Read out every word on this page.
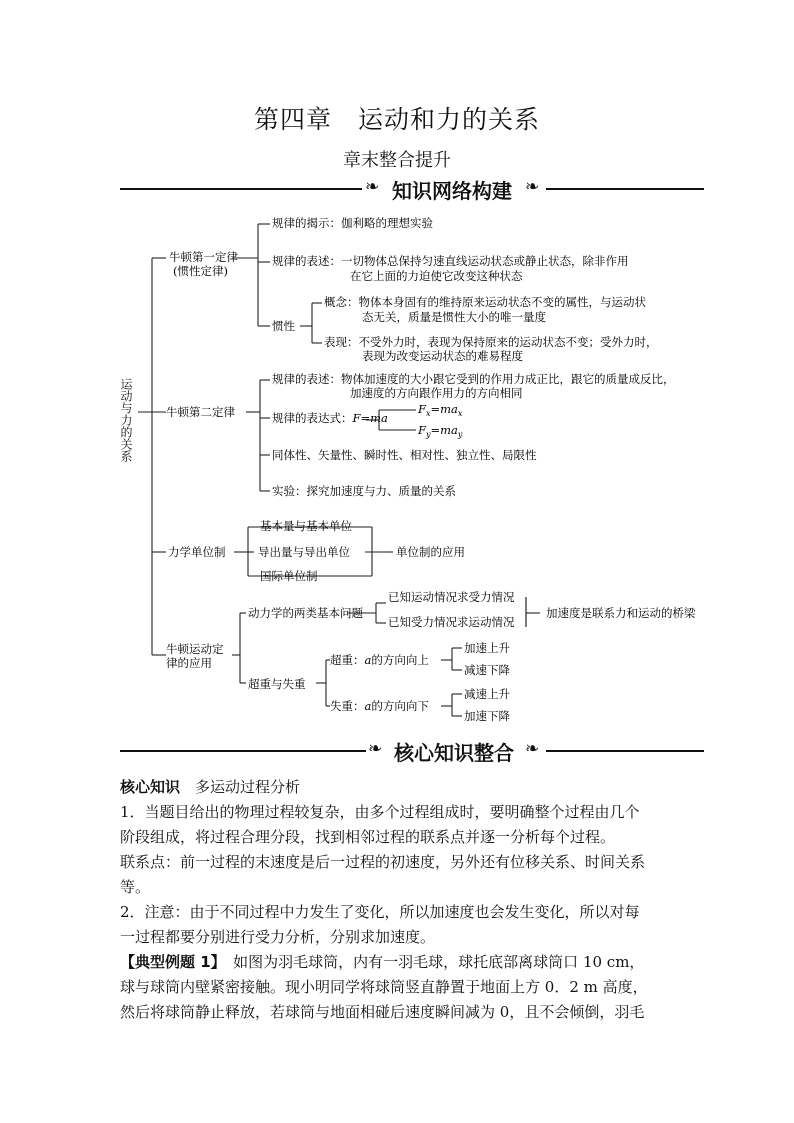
第四章　运动和力的关系
章末整合提升
❧ 知识网络构建 ❧
运动与力的关系
牛顿第一定律
(惯性定律)
规律的揭示：伽利略的理想实验
规律的表述：一切物体总保持匀速直线运动状态或静止状态，除非作用
在它上面的力迫使它改变这种状态
惯性
概念：物体本身固有的维持原来运动状态不变的属性，与运动状
态无关，质量是惯性大小的唯一量度
表现：不受外力时，表现为保持原来的运动状态不变；受外力时，
表现为改变运动状态的难易程度
牛顿第二定律
规律的表述：物体加速度的大小跟它受到的作用力成正比，跟它的质量成反比，
加速度的方向跟作用力的方向相同
规律的表达式：F=ma
$F_x=ma_x$
$F_y=ma_y$
同体性、矢量性、瞬时性、相对性、独立性、局限性
实验：探究加速度与力、质量的关系
力学单位制
基本量与基本单位
导出量与导出单位
国际单位制
单位制的应用
牛顿运动定
律的应用
动力学的两类基本问题
已知运动情况求受力情况
已知受力情况求运动情况
加速度是联系力和运动的桥梁
超重与失重
超重：a的方向向上
失重：a的方向向下
加速上升
减速下降
减速上升
加速下降
❧ 核心知识整合 ❧
核心知识　 多运动过程分析
1．当题目给出的物理过程较复杂，由多个过程组成时，要明确整个过程由几个
阶段组成，将过程合理分段，找到相邻过程的联系点并逐一分析每个过程。
联系点：前一过程的末速度是后一过程的初速度，另外还有位移关系、时间关系
等。
2．注意：由于不同过程中力发生了变化，所以加速度也会发生变化，所以对每
一过程都要分别进行受力分析，分别求加速度。
【典型例题 1】　如图为羽毛球筒，内有一羽毛球，球托底部离球筒口 10 cm，
球与球筒内壁紧密接触。现小明同学将球筒竖直静置于地面上方 0．2 m 高度，
然后将球筒静止释放，若球筒与地面相碰后速度瞬间减为 0，且不会倾倒，羽毛
